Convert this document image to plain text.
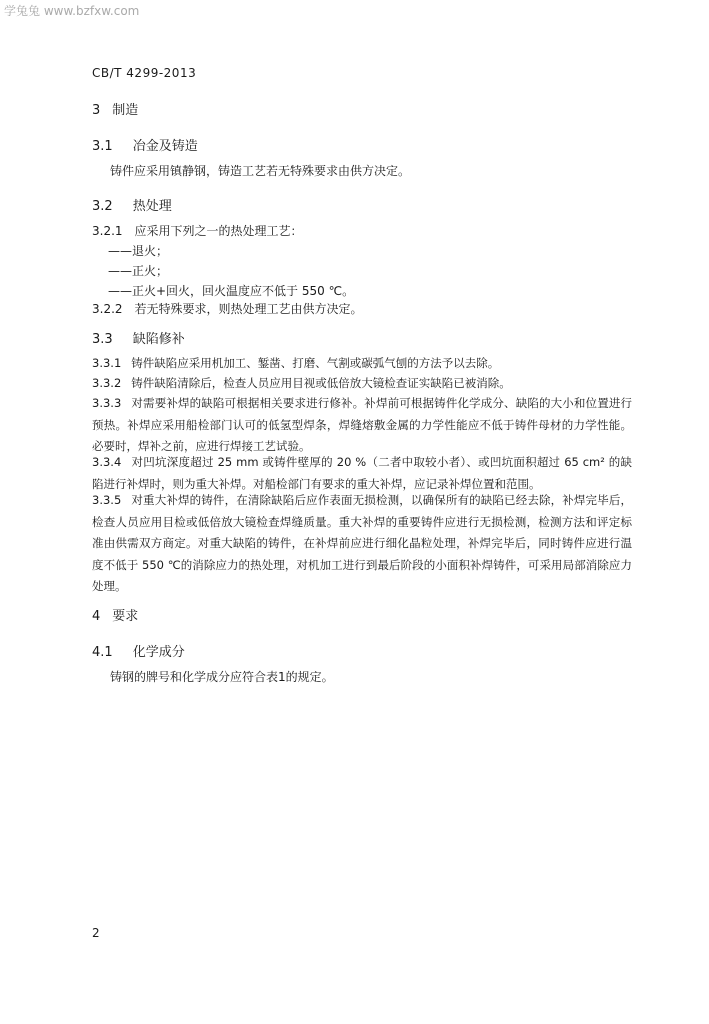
学兔兔 www.bzfxw.com
CB/T 4299-2013
3 制造
3.1 冶金及铸造
铸件应采用镇静钢，铸造工艺若无特殊要求由供方决定。
3.2 热处理
3.2.1 应采用下列之一的热处理工艺：
——退火；
——正火；
——正火+回火，回火温度应不低于 550 ℃。
3.2.2 若无特殊要求，则热处理工艺由供方决定。
3.3 缺陷修补
3.3.1 铸件缺陷应采用机加工、錾凿、打磨、气割或碳弧气刨的方法予以去除。
3.3.2 铸件缺陷清除后，检查人员应用目视或低倍放大镜检查证实缺陷已被消除。
3.3.3 对需要补焊的缺陷可根据相关要求进行修补。补焊前可根据铸件化学成分、缺陷的大小和位置进行预热。补焊应采用船检部门认可的低氢型焊条，焊缝熔敷金属的力学性能应不低于铸件母材的力学性能。必要时，焊补之前，应进行焊接工艺试验。
3.3.4 对凹坑深度超过 25 mm 或铸件壁厚的 20 %（二者中取较小者）、或凹坑面积超过 65 cm² 的缺陷进行补焊时，则为重大补焊。对船检部门有要求的重大补焊，应记录补焊位置和范围。
3.3.5 对重大补焊的铸件，在清除缺陷后应作表面无损检测，以确保所有的缺陷已经去除，补焊完毕后，检查人员应用目检或低倍放大镜检查焊缝质量。重大补焊的重要铸件应进行无损检测，检测方法和评定标准由供需双方商定。对重大缺陷的铸件，在补焊前应进行细化晶粒处理，补焊完毕后，同时铸件应进行温度不低于 550 ℃的消除应力的热处理，对机加工进行到最后阶段的小面积补焊铸件，可采用局部消除应力处理。
4 要求
4.1 化学成分
铸钢的牌号和化学成分应符合表1的规定。
2
